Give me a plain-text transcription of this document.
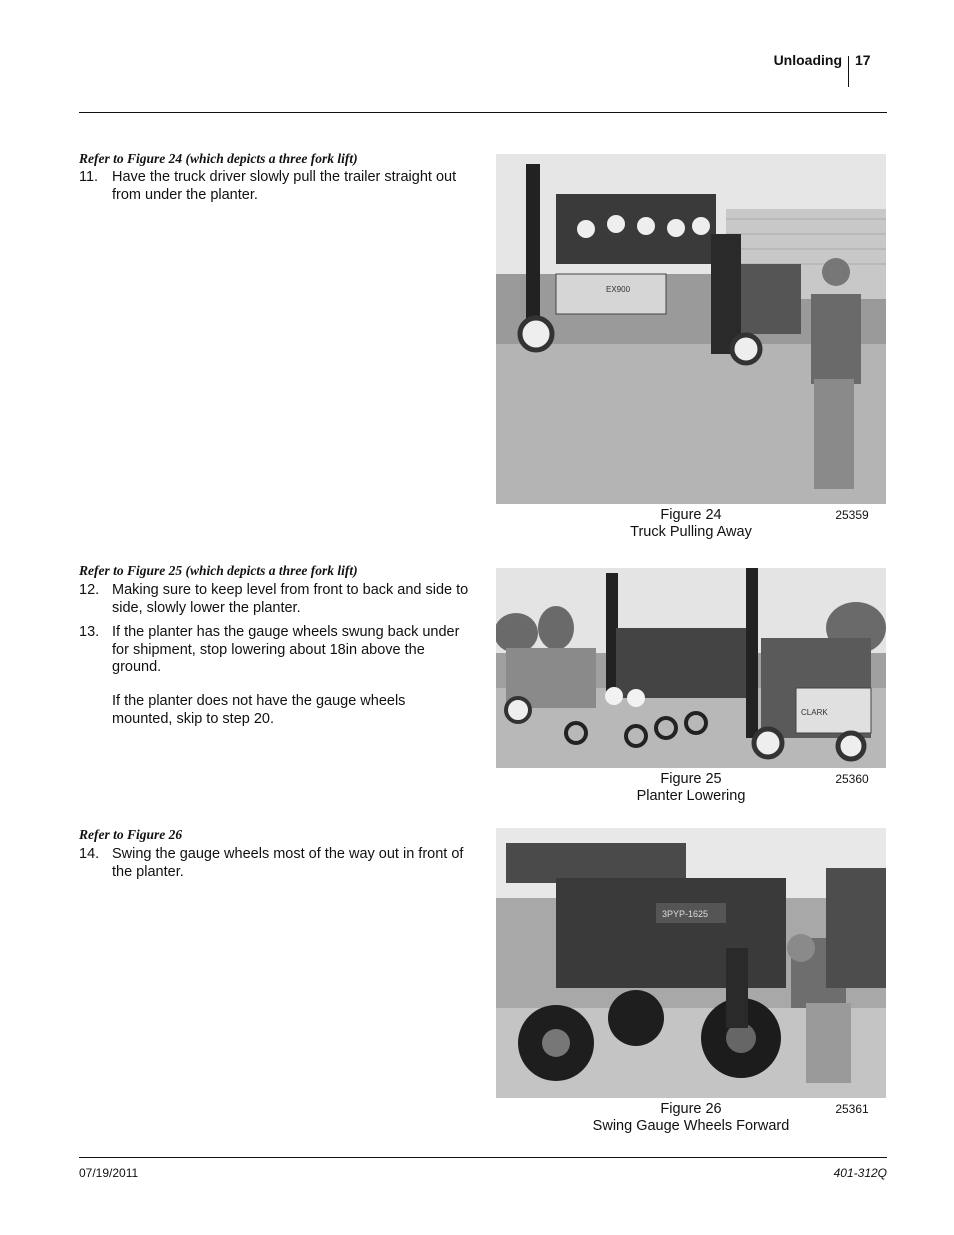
Unloading 17
Refer to Figure 24 (which depicts a three fork lift)
11. Have the truck driver slowly pull the trailer straight out from under the planter.
EX900
Figure 24
Truck Pulling Away
25359
Refer to Figure 25 (which depicts a three fork lift)
12. Making sure to keep level from front to back and side to side, slowly lower the planter.
13. If the planter has the gauge wheels swung back under for shipment, stop lowering about 18in above the ground.
If the planter does not have the gauge wheels mounted, skip to step 20.	CLARK
Figure 25
Planter Lowering
25360
Refer to Figure 26
14. Swing the gauge wheels most of the way out in front of the planter.
3PYP-1625
Figure 26
Swing Gauge Wheels Forward
25361
07/19/2011	401-312Q
